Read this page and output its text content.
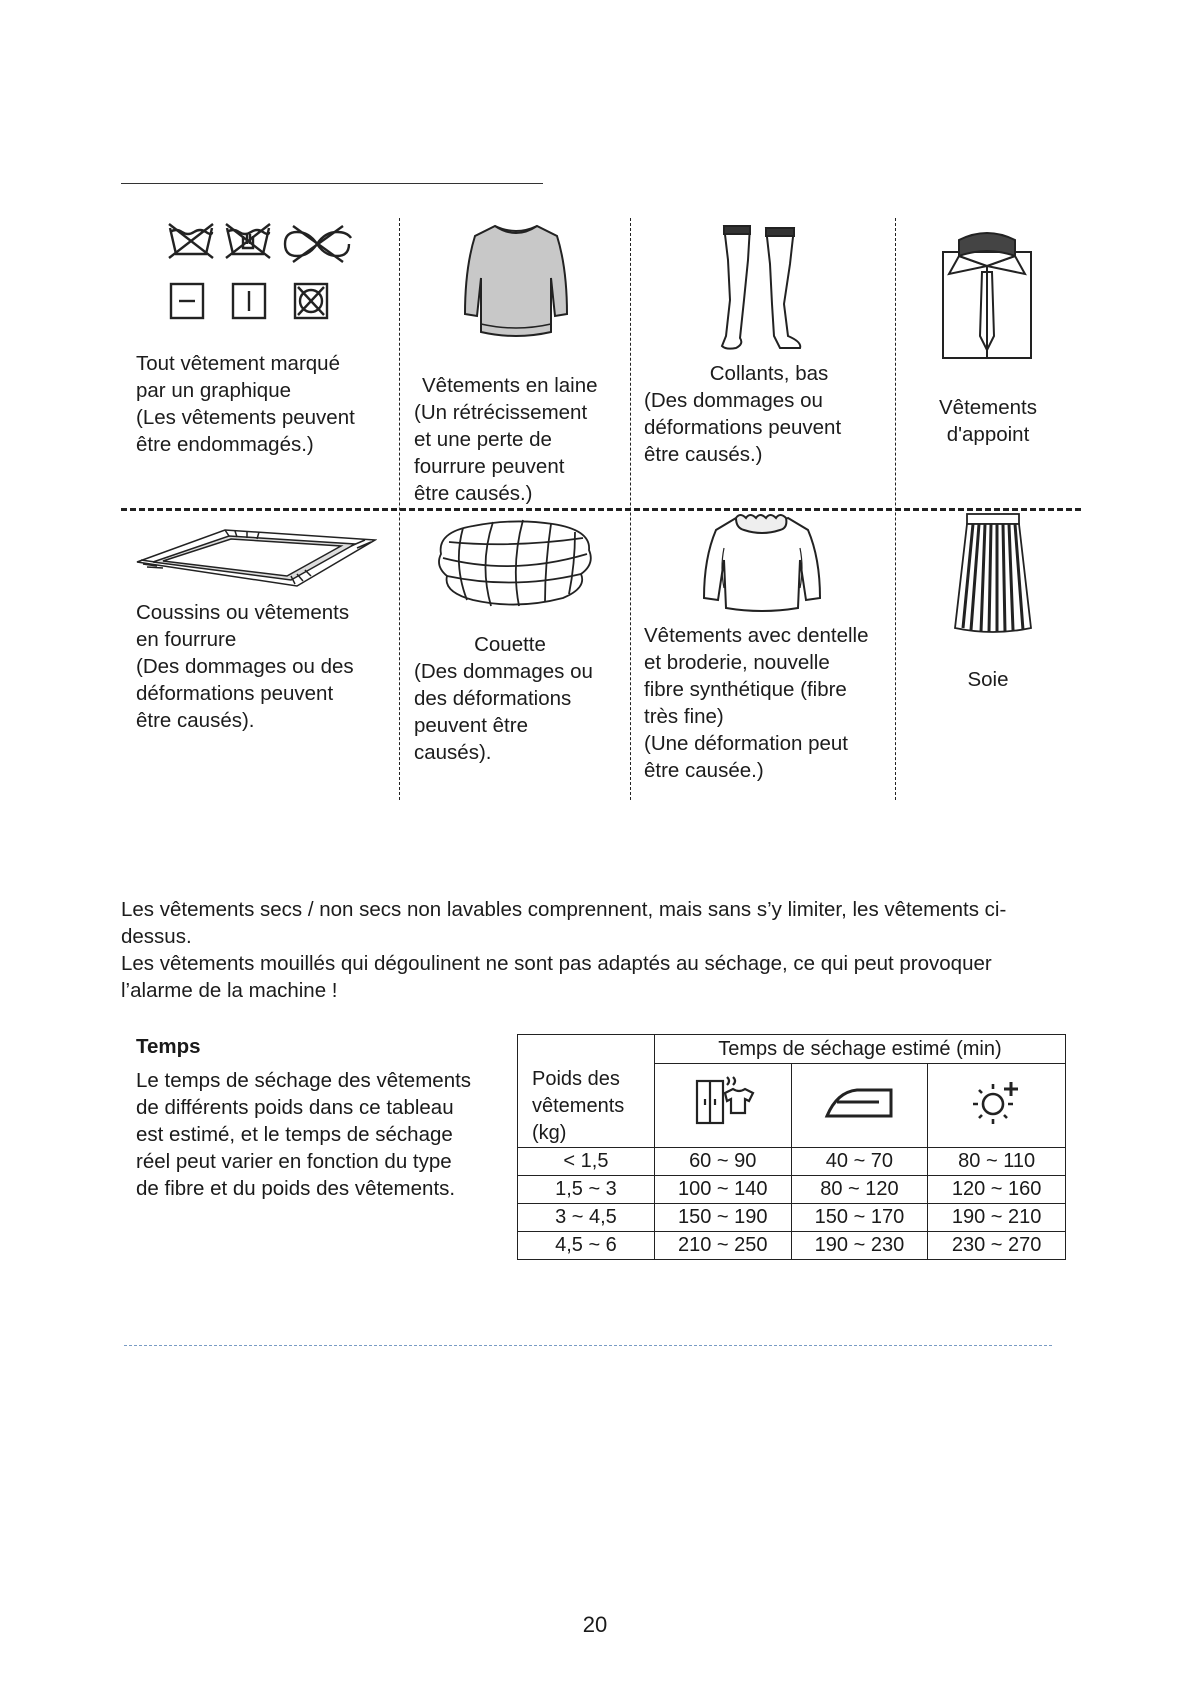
Tout vêtement marqué
par un graphique
(Les vêtements peuvent
être endommagés.)
Vêtements en laine
(Un rétrécissement
et une perte de
fourrure peuvent
être causés.)
Collants, bas
(Des dommages ou
déformations peuvent
être causés.)
Vêtements
d'appoint
Coussins ou vêtements
en fourrure
(Des dommages ou des
déformations peuvent
être causés).
Couette
(Des dommages ou
des déformations
peuvent être
causés).
Vêtements avec dentelle
et broderie, nouvelle
fibre synthétique (fibre
très fine)
(Une déformation peut
être causée.)
Soie
Les vêtements secs / non secs non lavables comprennent, mais sans s’y limiter, les vêtements ci-
dessus.
Les vêtements mouillés qui dégoulinent ne sont pas adaptés au séchage, ce qui peut provoquer
l’alarme de la machine !
Temps
Le temps de séchage des vêtements
de différents poids dans ce tableau
est estimé, et le temps de séchage
réel peut varier en fonction du type
de fibre et du poids des vêtements.
	Temps de séchage estimé (min)		

Poids des
vêtements
(kg)

< 1,5	60 ~ 90	40 ~ 70	80 ~ 110
1,5 ~ 3	100 ~ 140	80 ~ 120	120 ~ 160
3 ~ 4,5	150 ~ 190	150 ~ 170	190 ~ 210
4,5 ~ 6	210 ~ 250	190 ~ 230	230 ~ 270
20
